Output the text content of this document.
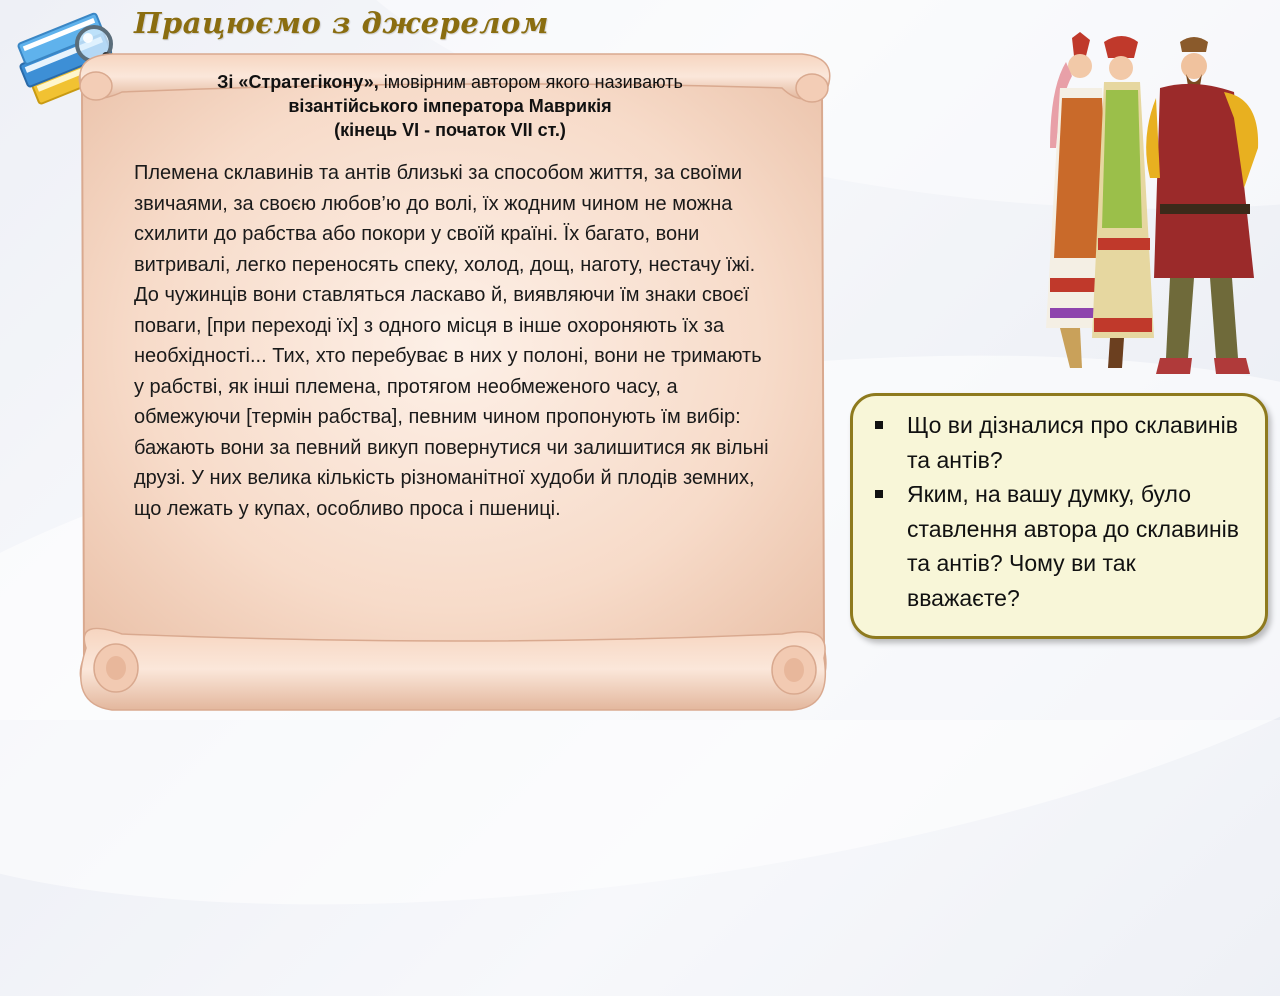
Працюємо з джерелом
Зі «Стратегікону», імовірним автором якого називають
візантійського імператора Маврикія
(кінець VI - початок VII ст.)

Племена склавинів та антів близькі за способом життя, за своїми звичаями, за своєю любов’ю до волі, їх жодним чином не можна схилити до рабства або покори у своїй країні. Їх багато, вони витривалі, легко переносять спеку, холод, дощ, наготу, нестачу їжі.

До чужинців вони ставляться ласкаво й, виявляючи їм знаки своєї поваги, [при переході їх] з одного місця в інше охороняють їх за необхідності... Тих, хто перебуває в них у полоні, вони не тримають у рабстві, як інші племена, протягом необмеженого часу, а обмежуючи [термін рабства], певним чином пропонують їм вибір: бажають вони за певний викуп повернутися чи залишитися як вільні друзі. У них велика кількість різноманітної худоби й плодів земних, що лежать у купах, особливо проса і пшениці.

Що ви дізналися про склавинів та антів?
Яким, на вашу думку, було ставлення автора до склавинів та антів? Чому ви так вважаєте?
